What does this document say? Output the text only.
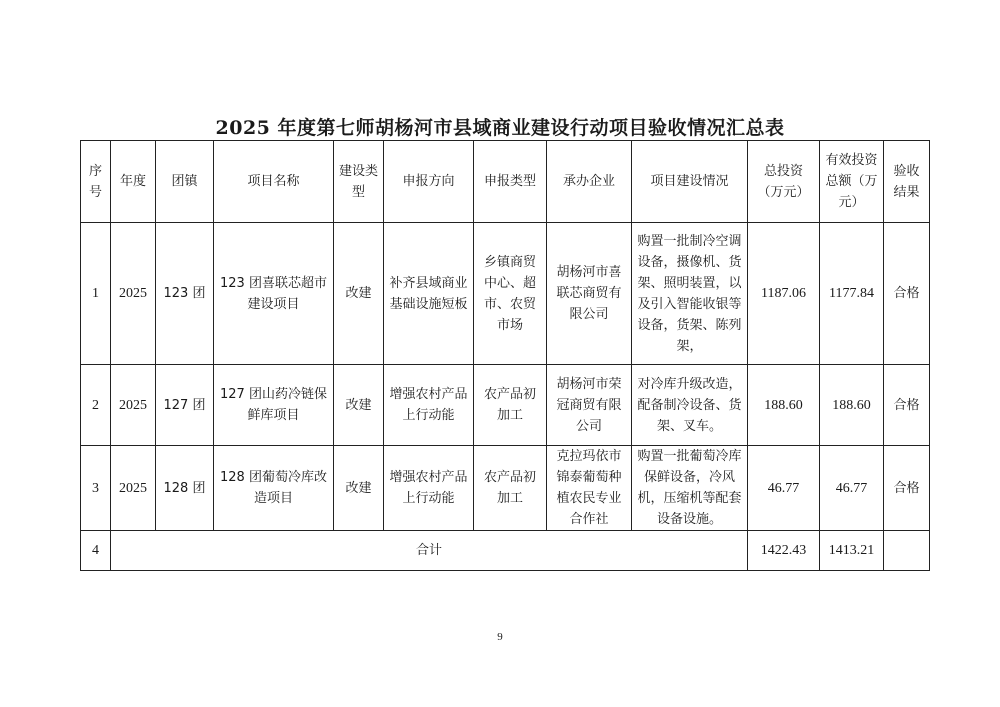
2025 年度第七师胡杨河市县域商业建设行动项目验收情况汇总表
序号	年度	团镇	项目名称	建设类型	申报方向	申报类型	承办企业	项目建设情况	总投资（万元）	有效投资总额（万元）	验收结果
1	2025	123 团	123 团喜联芯超市建设项目	改建	补齐县域商业基础设施短板	乡镇商贸中心、超市、农贸市场	胡杨河市喜联芯商贸有限公司	购置一批制冷空调设备，摄像机、货架、照明装置，以及引入智能收银等设备，货架、陈列架，	1187.06	1177.84	合格
2	2025	127 团	127 团山药冷链保鲜库项目	改建	增强农村产品上行动能	农产品初加工	胡杨河市荣冠商贸有限公司	对冷库升级改造，配备制冷设备、货架、叉车。	188.60	188.60	合格
3	2025	128 团	128 团葡萄冷库改造项目	改建	增强农村产品上行动能	农产品初加工	克拉玛依市锦泰葡萄种植农民专业合作社	购置一批葡萄冷库保鲜设备，冷风机，压缩机等配套设备设施。	46.77	46.77	合格
4	合计								1422.43	1413.21	
9
